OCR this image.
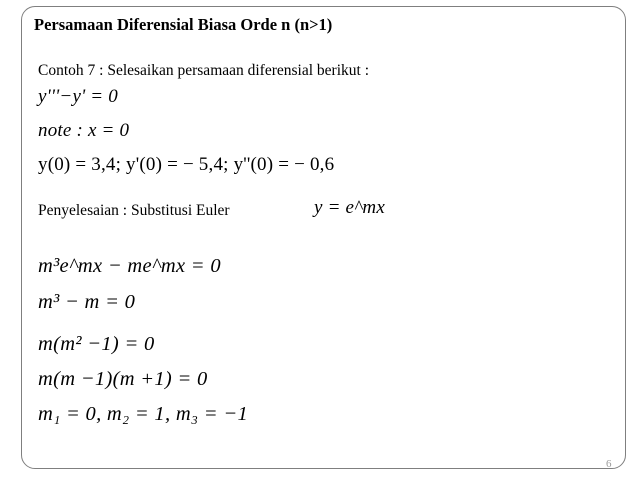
Persamaan Diferensial Biasa Orde n (n>1)
Contoh 7 : Selesaikan persamaan diferensial berikut :
y'''−y' = 0
note : x = 0
y(0) = 3,4; y'(0) = − 5,4; y''(0) = − 0,6
Penyelesaian : Substitusi Euler	y = e^mx
m³e^mx − me^mx = 0
m³ − m = 0
m(m² −1) = 0
m(m −1)(m +1) = 0
m₁ = 0, m₂ = 1, m₃ = −1
6
